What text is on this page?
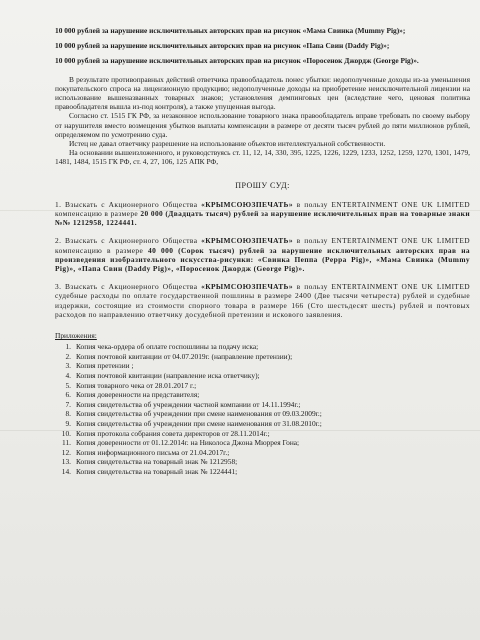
10 000 рублей за нарушение исключительных авторских прав на рисунок «Мама Свинка (Mummy Pig)»;

10 000 рублей за нарушение исключительных авторских прав на рисунок «Папа Свин (Daddy Pig)»;

10 000 рублей за нарушение исключительных авторских прав на рисунок «Поросенок Джордж (George Pig)».

В результате противоправных действий ответчика правообладатель понес убытки: недополученные доходы из-за уменьшения покупательского спроса на лицензионную продукцию; недополученные доходы на приобретение неисключительной лицензии на использование вышеназванных товарных знаков; установления демпинговых цен (вследствие чего, ценовая политика правообладателя вышла из-под контроля), а также упущенная выгода.

Согласно ст. 1515 ГК РФ, за незаконное использование товарного знака правообладатель вправе требовать по своему выбору от нарушителя вместо возмещения убытков выплаты компенсации в размере от десяти тысяч рублей до пяти миллионов рублей, определяемом по усмотрению суда.

Истец не давал ответчику разрешение на использование объектов интеллектуальной собственности.

На основании вышеизложенного, и руководствуясь ст. 11, 12, 14, 330, 395, 1225, 1226, 1229, 1233, 1252, 1259, 1270, 1301, 1479, 1481, 1484, 1515 ГК РФ, ст. 4, 27, 106, 125 АПК РФ,

ПРОШУ СУД:

1. Взыскать с Акционерного Общества «КРЫМСОЮЗПЕЧАТЬ» в пользу ENTERTAINMENT ONE UK LIMITED компенсацию в размере 20 000 (Двадцать тысяч) рублей за нарушение исключительных прав на товарные знаки №№ 1212958, 1224441.

2. Взыскать с Акционерного Общества «КРЫМСОЮЗПЕЧАТЬ» в пользу ENTERTAINMENT ONE UK LIMITED компенсацию в размере 40 000 (Сорок тысяч) рублей за нарушение исключительных авторских прав на произведения изобразительного искусства-рисунки: «Свинка Пеппа (Peppa Pig)», «Мама Свинка (Mummy Pig)», «Папа Свин (Daddy Pig)», «Поросенок Джордж (George Pig)».

3. Взыскать с Акционерного Общества «КРЫМСОЮЗПЕЧАТЬ» в пользу ENTERTAINMENT ONE UK LIMITED судебные расходы по оплате государственной пошлины в размере 2400 (Две тысячи четыреста) рублей и судебные издержки, состоящие из стоимости спорного товара в размере 166 (Сто шестьдесят шесть) рублей и почтовых расходов по направлению ответчику досудебной претензии и искового заявления.

Приложения:

1. Копия чека-ордера об оплате госпошлины за подачу иска;
2. Копия почтовой квитанции от 04.07.2019г. (направление претензии);
3. Копия претензии ;
4. Копия почтовой квитанции (направление иска ответчику);
5. Копия товарного чека от 28.01.2017 г.;
6. Копия доверенности на представителя;
7. Копия свидетельства об учреждении частной компании от 14.11.1994г.;
8. Копия свидетельства об учреждении при смене наименования от 09.03.2009г.;
9. Копия свидетельства об учреждении при смене наименования от 31.08.2010г.;
10. Копия протокола собрания совета директоров от 28.11.2014г.;
11. Копия доверенности от 01.12.2014г. на Николоса Джона Мюррея Гона;
12. Копия информационного письма от 21.04.2017г.;
13. Копия свидетельства на товарный знак № 1212958;
14. Копия свидетельства на товарный знак № 1224441;
